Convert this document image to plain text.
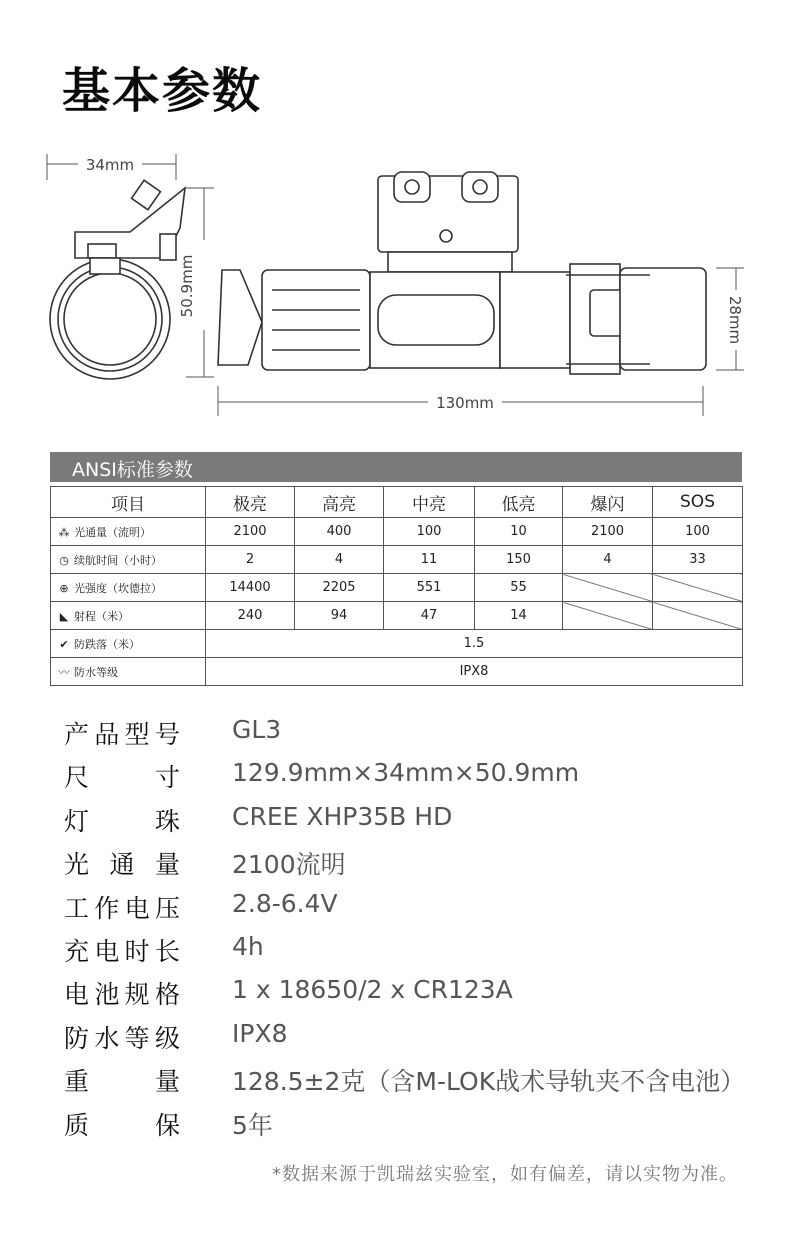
基本参数
34mm
50.9mm
28mm
130mm
ANSI标准参数
项目	极亮	高亮	中亮	低亮	爆闪	SOS
⁂ 光通量（流明）	2100	400	100	10	2100	100
◷ 续航时间（小时）	2	4	11	150	4	33
⊕ 光强度（坎德拉）	14400	2205	551	55		
◣ 射程（米）	240	94	47	14		
✔ 防跌落（米）	1.5					
〰 防水等级	IPX8					
产 品 型 号 GL3
尺	寸 129.9mm×34mm×50.9mm
灯	珠 CREE XHP35B HD
光 通 量 2100流明
工 作 电 压 2.8-6.4V
充 电 时 长 4h
电 池 规 格 1 x 18650/2 x CR123A
防 水 等 级 IPX8
重	量 128.5±2克（含M-LOK战术导轨夹不含电池）
质	保 5年
*数据来源于凯瑞兹实验室，如有偏差，请以实物为准。
